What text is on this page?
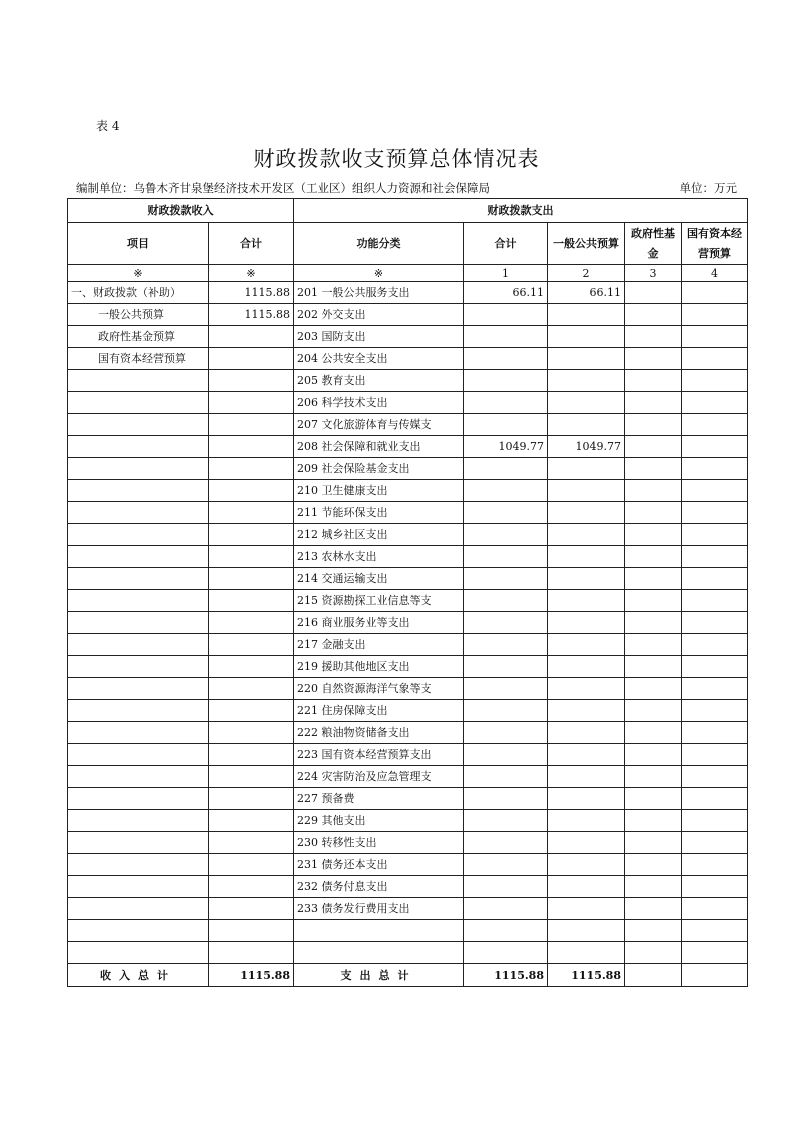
表 4
财政拨款收支预算总体情况表
编制单位：乌鲁木齐甘泉堡经济技术开发区（工业区）组织人力资源和社会保障局	单位：万元
财政拨款收入		财政拨款支出				
项目	合计	功能分类	合计	一般公共预算	政府性基金	国有资本经营预算
※	※	※	1	2	3	4
一、财政拨款（补助）	1115.88	201 一般公共服务支出	66.11	66.11		
一般公共预算	1115.88	202 外交支出				
政府性基金预算		203 国防支出				
国有资本经营预算		204 公共安全支出				
		205 教育支出				
		206 科学技术支出				
		207 文化旅游体育与传媒支				
		208 社会保障和就业支出	1049.77	1049.77		
		209 社会保险基金支出				
		210 卫生健康支出				
		211 节能环保支出				
		212 城乡社区支出				
		213 农林水支出				
		214 交通运输支出				
		215 资源勘探工业信息等支				
		216 商业服务业等支出				
		217 金融支出				
		219 援助其他地区支出				
		220 自然资源海洋气象等支				
		221 住房保障支出				
		222 粮油物资储备支出				
		223 国有资本经营预算支出				
		224 灾害防治及应急管理支				
		227 预备费				
		229 其他支出				
		230 转移性支出				
		231 债务还本支出				
		232 债务付息支出				
		233 债务发行费用支出				

收入总计	1115.88	支出总计	1115.88	1115.88		
